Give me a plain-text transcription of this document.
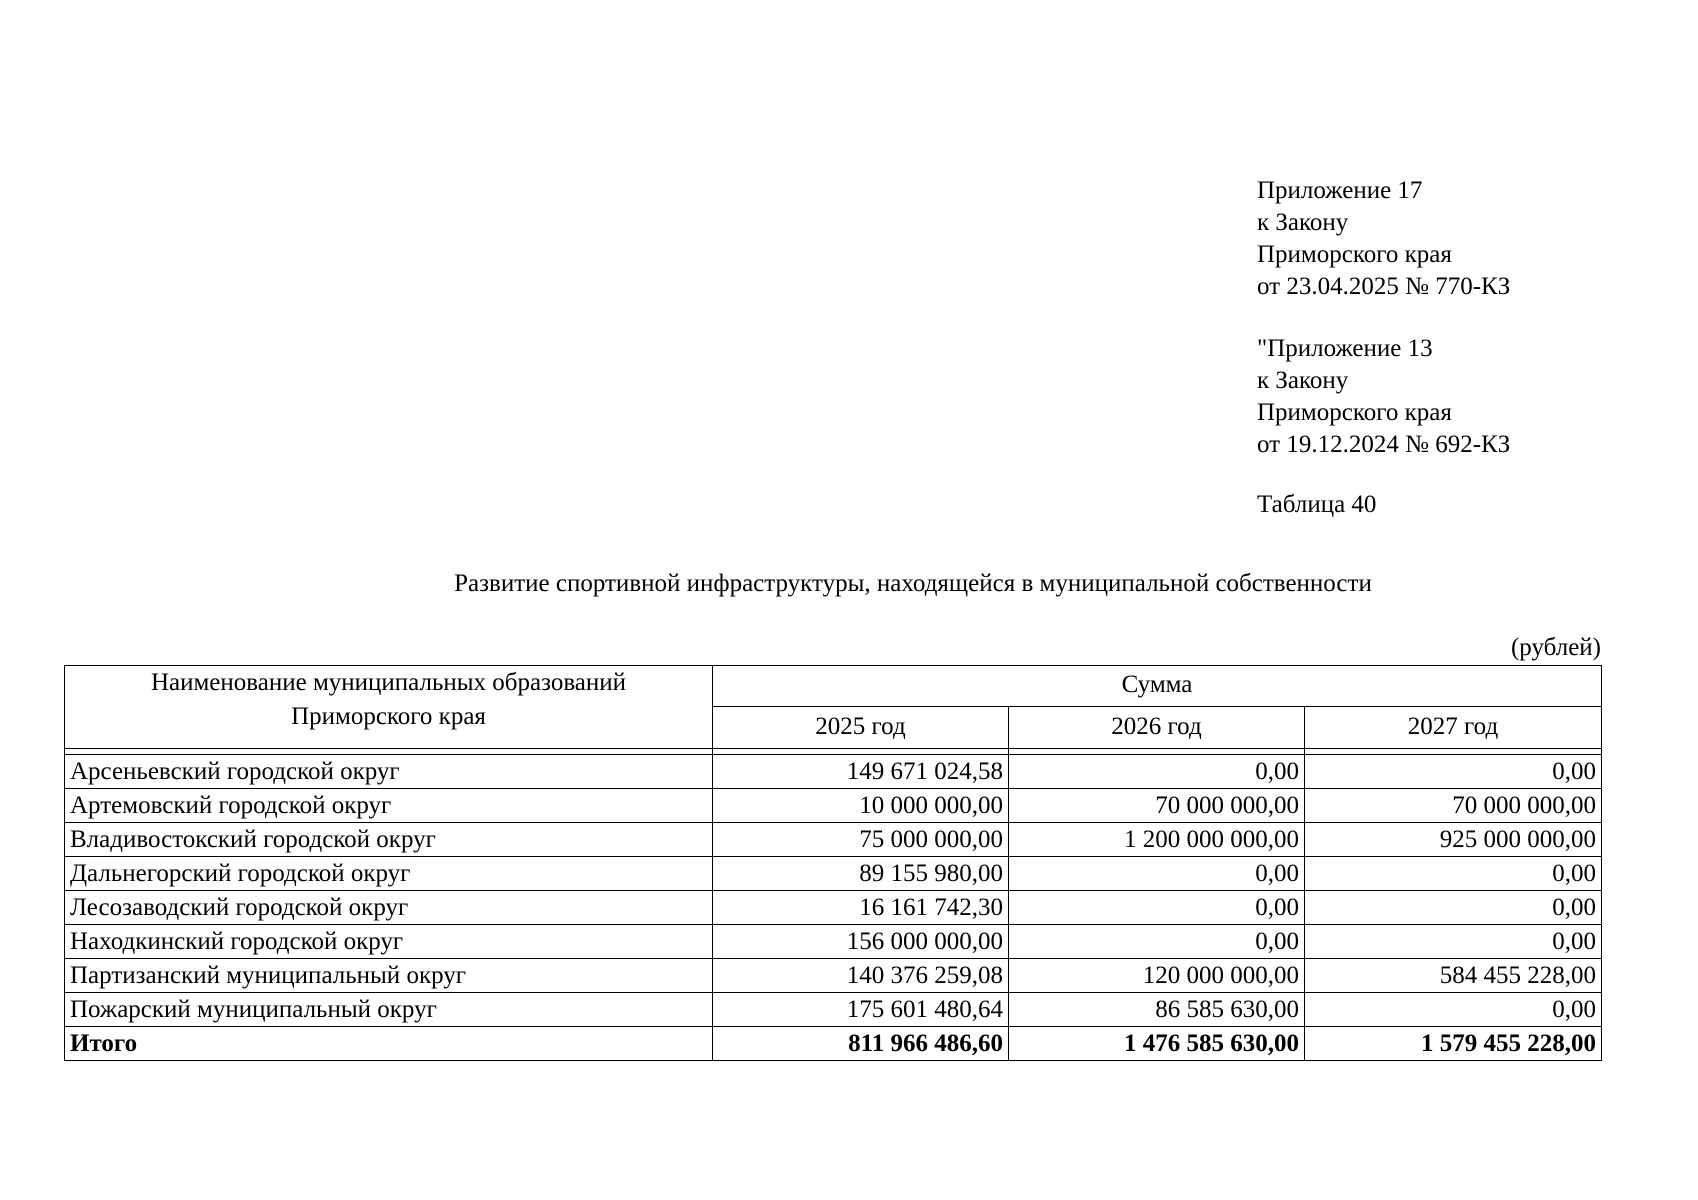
Приложение 17
к Закону
Приморского края
от 23.04.2025 № 770-КЗ
"Приложение 13
к Закону
Приморского края
от 19.12.2024 № 692-КЗ
Таблица 40
Развитие спортивной инфраструктуры, находящейся в муниципальной собственности
(рублей)
Наименование муниципальных образований
Приморского края	Сумма		
	2025 год	2026 год	2027 год

Арсеньевский городской округ	149 671 024,58	0,00	0,00
Артемовский городской округ	10 000 000,00	70 000 000,00	70 000 000,00
Владивостокский городской округ	75 000 000,00	1 200 000 000,00	925 000 000,00
Дальнегорский городской округ	89 155 980,00	0,00	0,00
Лесозаводский городской округ	16 161 742,30	0,00	0,00
Находкинский городской округ	156 000 000,00	0,00	0,00
Партизанский муниципальный округ	140 376 259,08	120 000 000,00	584 455 228,00
Пожарский муниципальный округ	175 601 480,64	86 585 630,00	0,00
Итого	811 966 486,60	1 476 585 630,00	1 579 455 228,00
